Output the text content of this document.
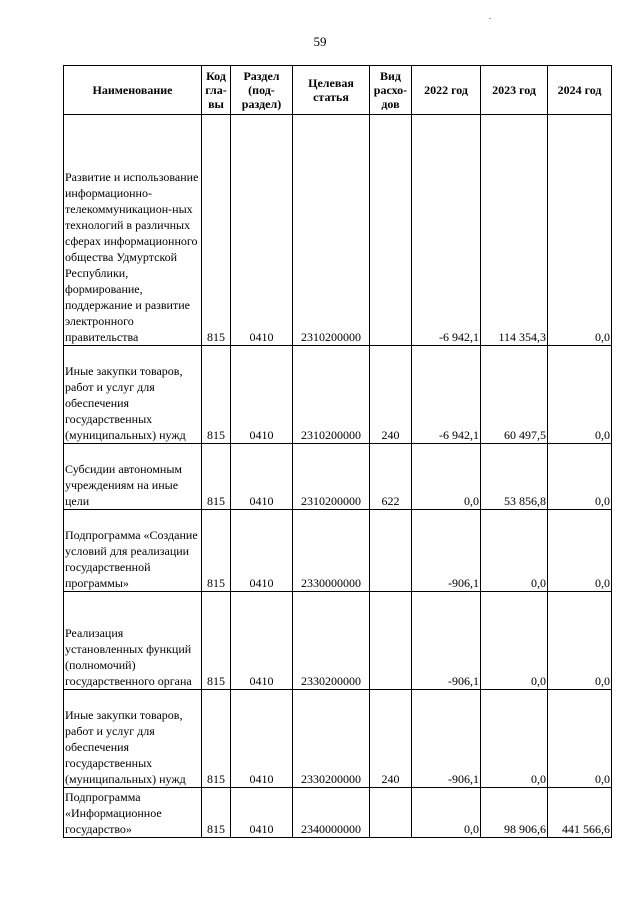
59
Наименование	Код гла-вы	Раздел (под-раздел)	Целевая статья	Вид расхо-дов	2022 год	2023 год	2024 год
Развитие и использование информационно-телекоммуникацион-ных технологий в различных сферах информационного общества Удмуртской Республики, формирование, поддержание и развитие электронного правительства	815	0410	2310200000		-6 942,1	114 354,3	0,0
Иные закупки товаров, работ и услуг для обеспечения государственных (муниципальных) нужд	815	0410	2310200000	240	-6 942,1	60 497,5	0,0
Субсидии автономным учреждениям на иные цели	815	0410	2310200000	622	0,0	53 856,8	0,0
Подпрограмма «Создание условий для реализации государственной программы»	815	0410	2330000000		-906,1	0,0	0,0
Реализация установленных функций (полномочий) государственного органа	815	0410	2330200000		-906,1	0,0	0,0
Иные закупки товаров, работ и услуг для обеспечения государственных (муниципальных) нужд	815	0410	2330200000	240	-906,1	0,0	0,0
Подпрограмма «Информационное государство»	815	0410	2340000000		0,0	98 906,6	441 566,6
